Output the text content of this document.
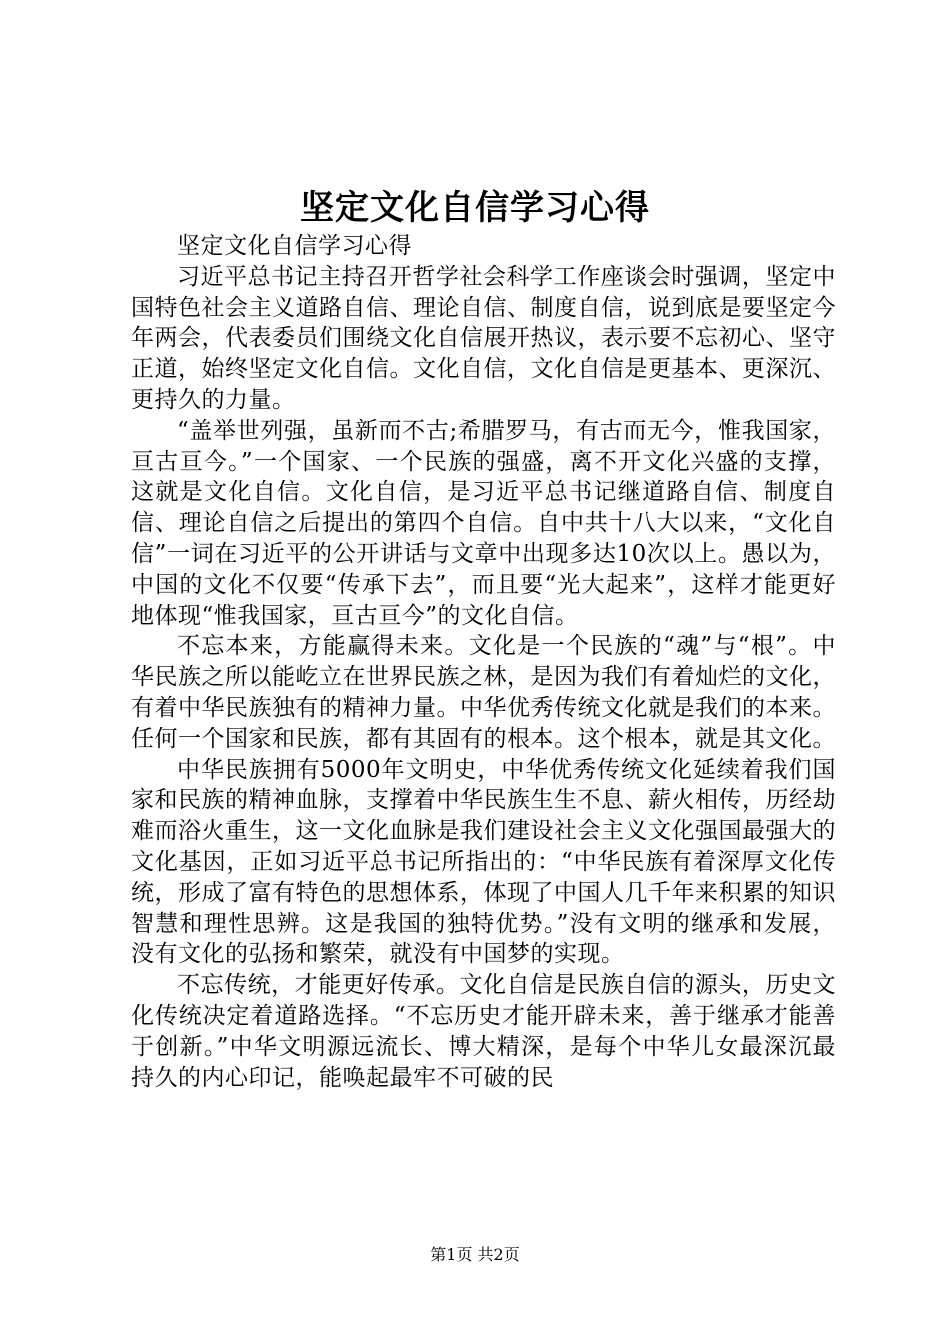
坚定文化自信学习心得

坚定文化自信学习心得

习近平总书记主持召开哲学社会科学工作座谈会时强调，坚定中国特色社会主义道路自信、理论自信、制度自信，说到底是要坚定今年两会，代表委员们围绕文化自信展开热议，表示要不忘初心、坚守正道，始终坚定文化自信。文化自信，文化自信是更基本、更深沉、更持久的力量。

“盖举世列强，虽新而不古;希腊罗马，有古而无今，惟我国家，亘古亘今。”一个国家、一个民族的强盛，离不开文化兴盛的支撑，这就是文化自信。文化自信，是习近平总书记继道路自信、制度自信、理论自信之后提出的第四个自信。自中共十八大以来，“文化自信”一词在习近平的公开讲话与文章中出现多达10次以上。愚以为，中国的文化不仅要“传承下去”，而且要“光大起来”，这样才能更好地体现“惟我国家，亘古亘今”的文化自信。

不忘本来，方能赢得未来。文化是一个民族的“魂”与“根”。中华民族之所以能屹立在世界民族之林，是因为我们有着灿烂的文化，有着中华民族独有的精神力量。中华优秀传统文化就是我们的本来。任何一个国家和民族，都有其固有的根本。这个根本，就是其文化。

中华民族拥有5000年文明史，中华优秀传统文化延续着我们国家和民族的精神血脉，支撑着中华民族生生不息、薪火相传，历经劫难而浴火重生，这一文化血脉是我们建设社会主义文化强国最强大的文化基因，正如习近平总书记所指出的：“中华民族有着深厚文化传统，形成了富有特色的思想体系，体现了中国人几千年来积累的知识智慧和理性思辨。这是我国的独特优势。”没有文明的继承和发展，没有文化的弘扬和繁荣，就没有中国梦的实现。

不忘传统，才能更好传承。文化自信是民族自信的源头，历史文化传统决定着道路选择。“不忘历史才能开辟未来，善于继承才能善于创新。”中华文明源远流长、博大精深，是每个中华儿女最深沉最持久的内心印记，能唤起最牢不可破的民

第1页 共2页
